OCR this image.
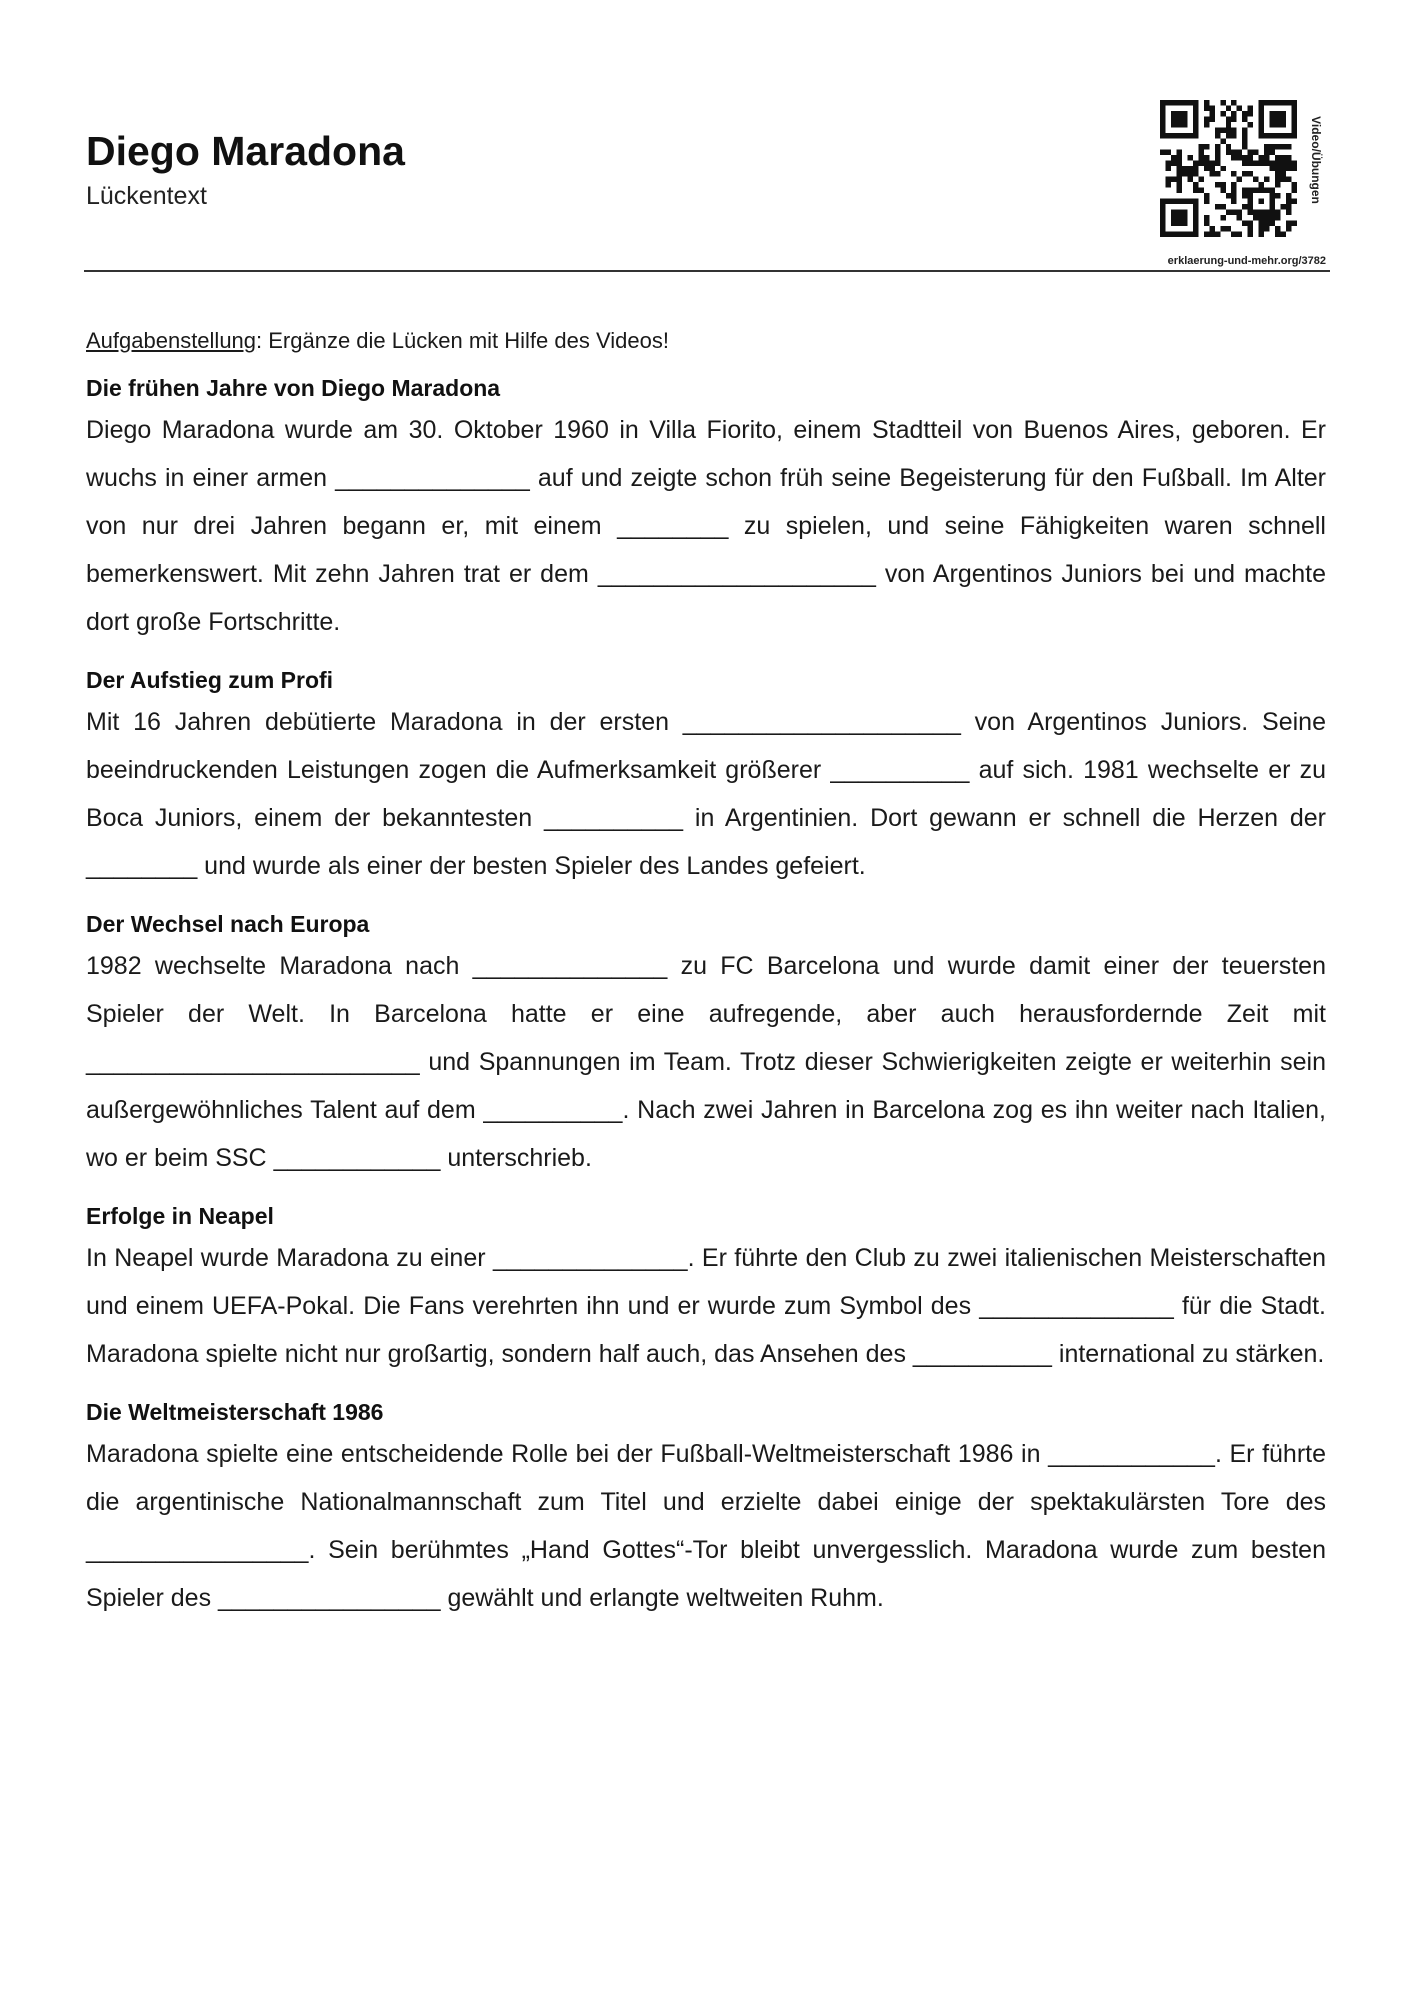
Diego Maradona
Lückentext	Video/Übungen
erklaerung-und-mehr.org/3782

Aufgabenstellung: Ergänze die Lücken mit Hilfe des Videos!

Die frühen Jahre von Diego Maradona

Diego Maradona wurde am 30. Oktober 1960 in Villa Fiorito, einem Stadtteil von Buenos Aires, geboren. Er wuchs in einer armen ______________ auf und zeigte schon früh seine Begeisterung für den Fußball. Im Alter von nur drei Jahren begann er, mit einem ________ zu spielen, und seine Fähigkeiten waren schnell bemerkenswert. Mit zehn Jahren trat er dem ____________________ von Argentinos Juniors bei und machte dort große Fortschritte.

Der Aufstieg zum Profi

Mit 16 Jahren debütierte Maradona in der ersten ____________________ von Argentinos Juniors. Seine beeindruckenden Leistungen zogen die Aufmerksamkeit größerer __________ auf sich. 1981 wechselte er zu Boca Juniors, einem der bekanntesten __________ in Argentinien. Dort gewann er schnell die Herzen der ________ und wurde als einer der besten Spieler des Landes gefeiert.

Der Wechsel nach Europa

1982 wechselte Maradona nach ______________ zu FC Barcelona und wurde damit einer der teuersten Spieler der Welt. In Barcelona hatte er eine aufregende, aber auch herausfordernde Zeit mit ________________________ und Spannungen im Team. Trotz dieser Schwierigkeiten zeigte er weiterhin sein außergewöhnliches Talent auf dem __________. Nach zwei Jahren in Barcelona zog es ihn weiter nach Italien, wo er beim SSC ____________ unterschrieb.

Erfolge in Neapel

In Neapel wurde Maradona zu einer ______________. Er führte den Club zu zwei italienischen Meisterschaften und einem UEFA-Pokal. Die Fans verehrten ihn und er wurde zum Symbol des ______________ für die Stadt. Maradona spielte nicht nur großartig, sondern half auch, das Ansehen des __________ international zu stärken.

Die Weltmeisterschaft 1986

Maradona spielte eine entscheidende Rolle bei der Fußball-Weltmeisterschaft 1986 in ____________. Er führte die argentinische Nationalmannschaft zum Titel und erzielte dabei einige der spektakulärsten Tore des ________________. Sein berühmtes „Hand Gottes“-Tor bleibt unvergesslich. Maradona wurde zum besten Spieler des ________________ gewählt und erlangte weltweiten Ruhm.
